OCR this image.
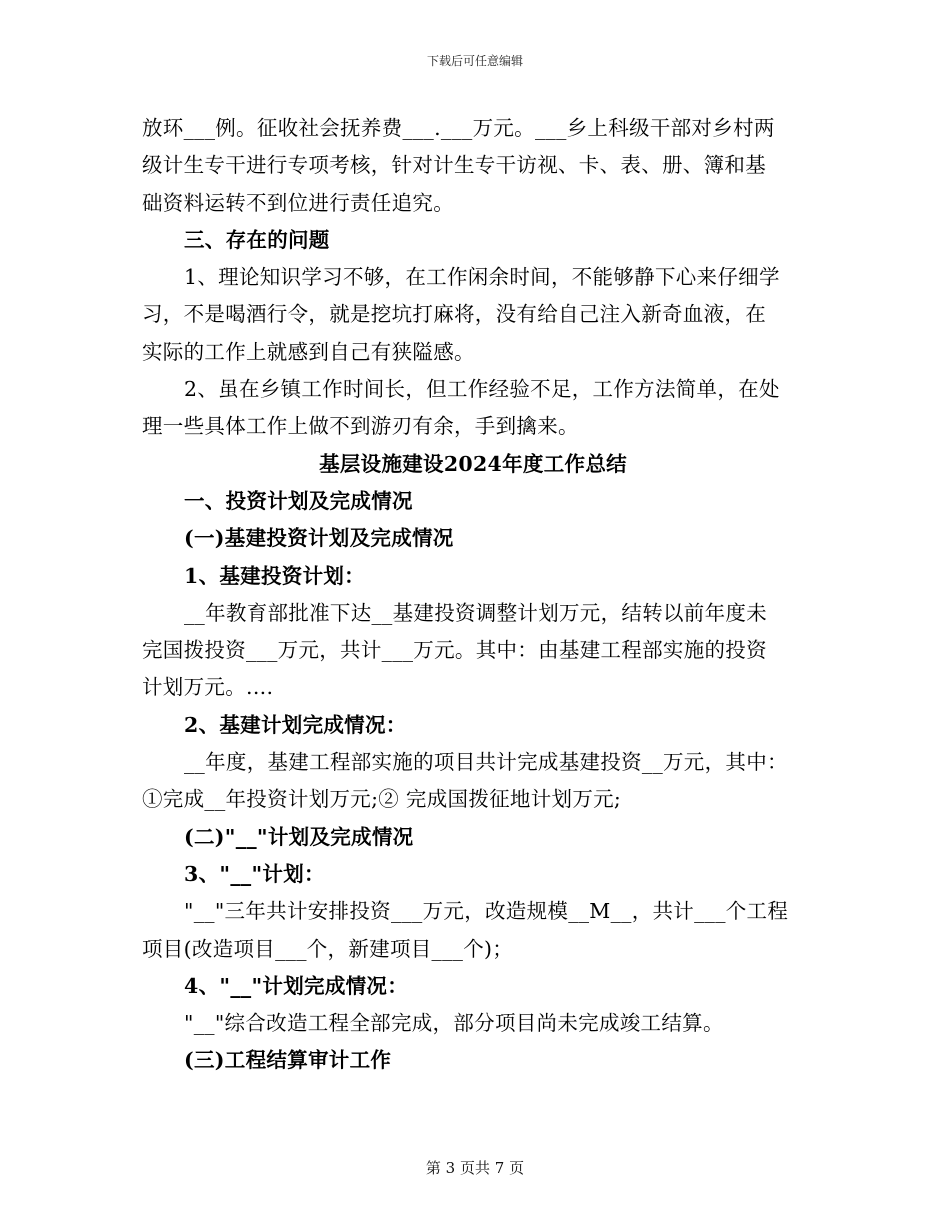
下载后可任意编辑
放环___例。征收社会抚养费___.___万元。___乡上科级干部对乡村两
级计生专干进行专项考核，针对计生专干访视、卡、表、册、簿和基
础资料运转不到位进行责任追究。
三、存在的问题
1、理论知识学习不够，在工作闲余时间，不能够静下心来仔细学
习，不是喝酒行令，就是挖坑打麻将，没有给自己注入新奇血液，在
实际的工作上就感到自己有狭隘感。
2、虽在乡镇工作时间长，但工作经验不足，工作方法简单，在处
理一些具体工作上做不到游刃有余，手到擒来。
基层设施建设2024年度工作总结
一、投资计划及完成情况
(一)基建投资计划及完成情况
1、基建投资计划：
__年教育部批准下达__基建投资调整计划万元，结转以前年度未
完国拨投资___万元，共计___万元。其中：由基建工程部实施的投资
计划万元。....
2、基建计划完成情况：
__年度，基建工程部实施的项目共计完成基建投资__万元，其中：
①完成__年投资计划万元;② 完成国拨征地计划万元;
(二)"__"计划及完成情况
3、"__"计划：
"__"三年共计安排投资___万元，改造规模__M__，共计___个工程
项目(改造项目___个，新建项目___个)；
4、"__"计划完成情况：
"__"综合改造工程全部完成，部分项目尚未完成竣工结算。
(三)工程结算审计工作
第 3 页共 7 页
